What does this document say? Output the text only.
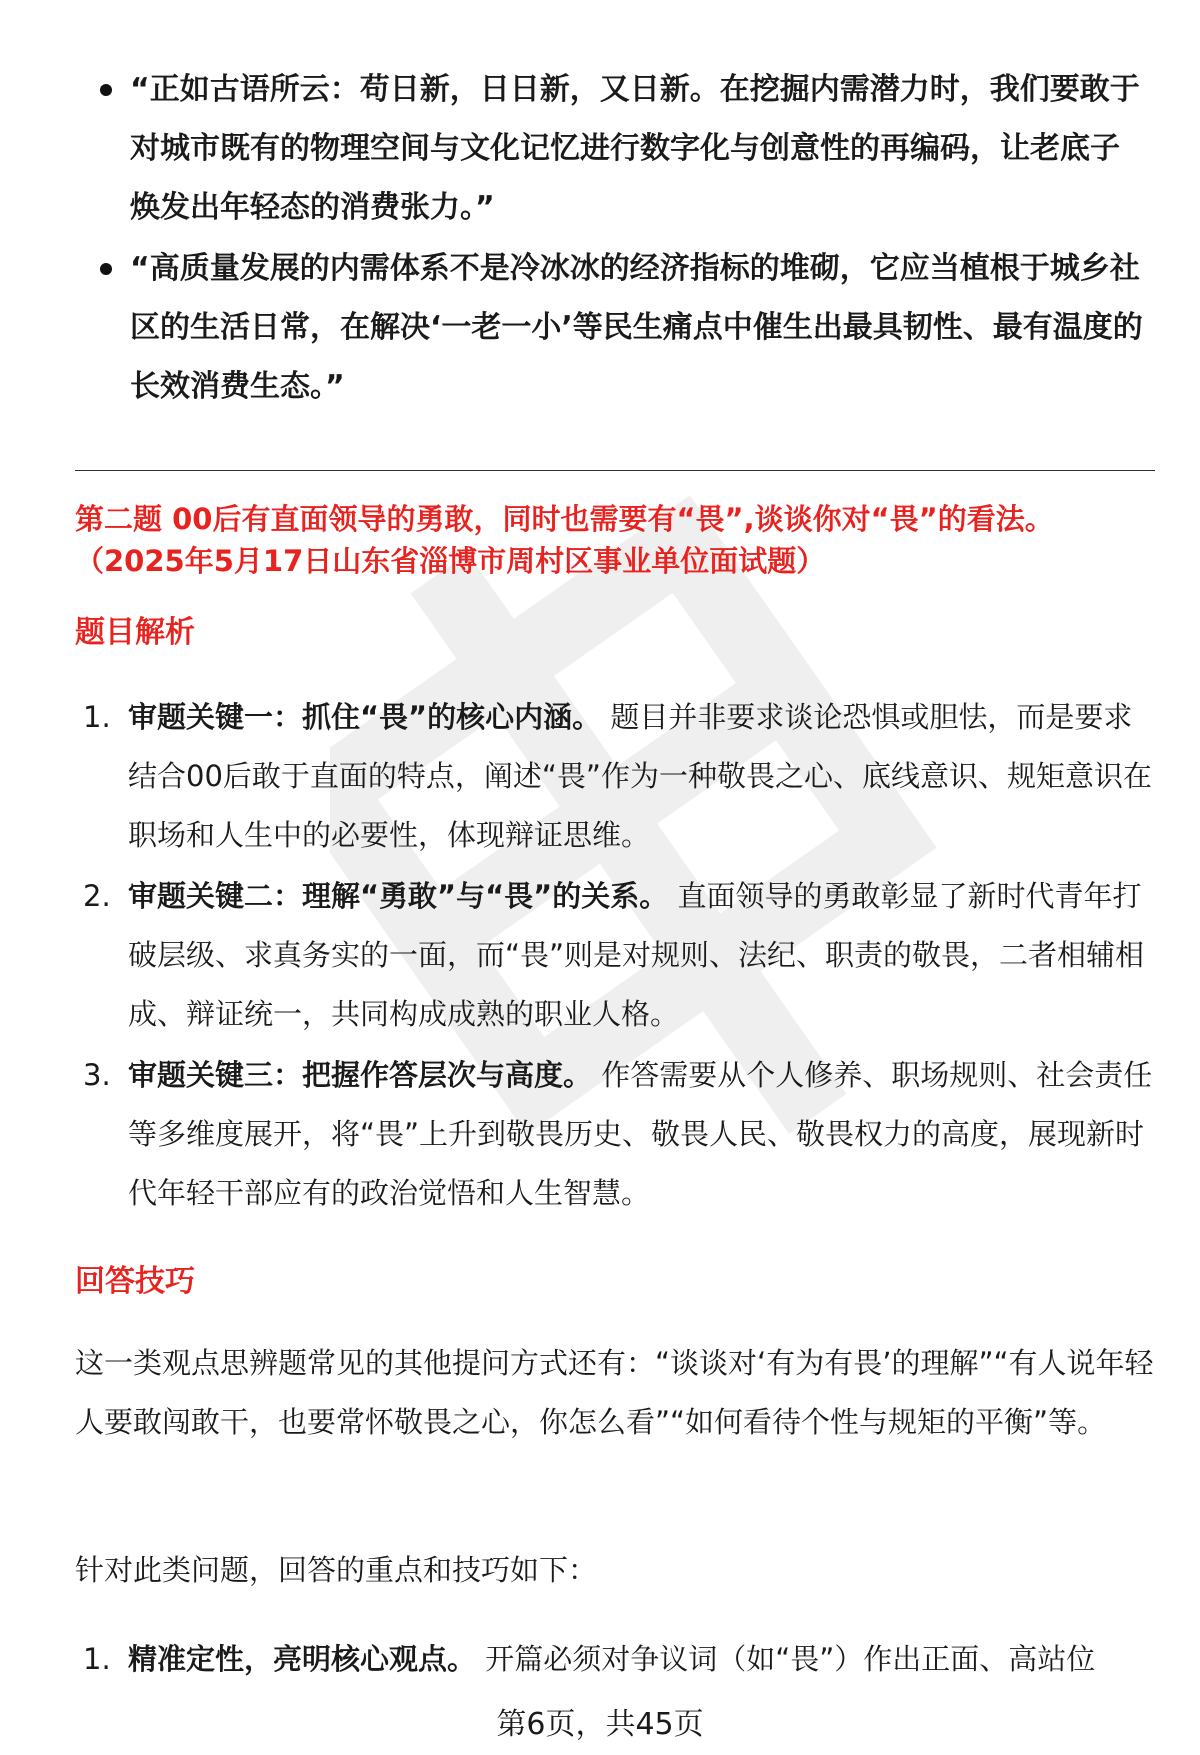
“正如古语所云：苟日新，日日新，又日新。在挖掘内需潜力时，我们要敢于对城市既有的物理空间与文化记忆进行数字化与创意性的再编码，让老底子焕发出年轻态的消费张力。”
“高质量发展的内需体系不是冷冰冰的经济指标的堆砌，它应当植根于城乡社区的生活日常，在解决‘一老一小’等民生痛点中催生出最具韧性、最有温度的长效消费生态。”
第二题 00后有直面领导的勇敢，同时也需要有“畏”,谈谈你对“畏”的看法。
（2025年5月17日山东省淄博市周村区事业单位面试题）
题目解析
1. 审题关键一：抓住“畏”的核心内涵。 题目并非要求谈论恐惧或胆怯，而是要求结合00后敢于直面的特点，阐述“畏”作为一种敬畏之心、底线意识、规矩意识在职场和人生中的必要性，体现辩证思维。
2. 审题关键二：理解“勇敢”与“畏”的关系。 直面领导的勇敢彰显了新时代青年打破层级、求真务实的一面，而“畏”则是对规则、法纪、职责的敬畏，二者相辅相成、辩证统一，共同构成成熟的职业人格。
3. 审题关键三：把握作答层次与高度。 作答需要从个人修养、职场规则、社会责任等多维度展开，将“畏”上升到敬畏历史、敬畏人民、敬畏权力的高度，展现新时代年轻干部应有的政治觉悟和人生智慧。
回答技巧
这一类观点思辨题常见的其他提问方式还有：“谈谈对‘有为有畏’的理解”“有人说年轻人要敢闯敢干，也要常怀敬畏之心，你怎么看”“如何看待个性与规矩的平衡”等。
针对此类问题，回答的重点和技巧如下：
1. 精准定性，亮明核心观点。 开篇必须对争议词（如“畏”）作出正面、高站位
第6页，共45页
